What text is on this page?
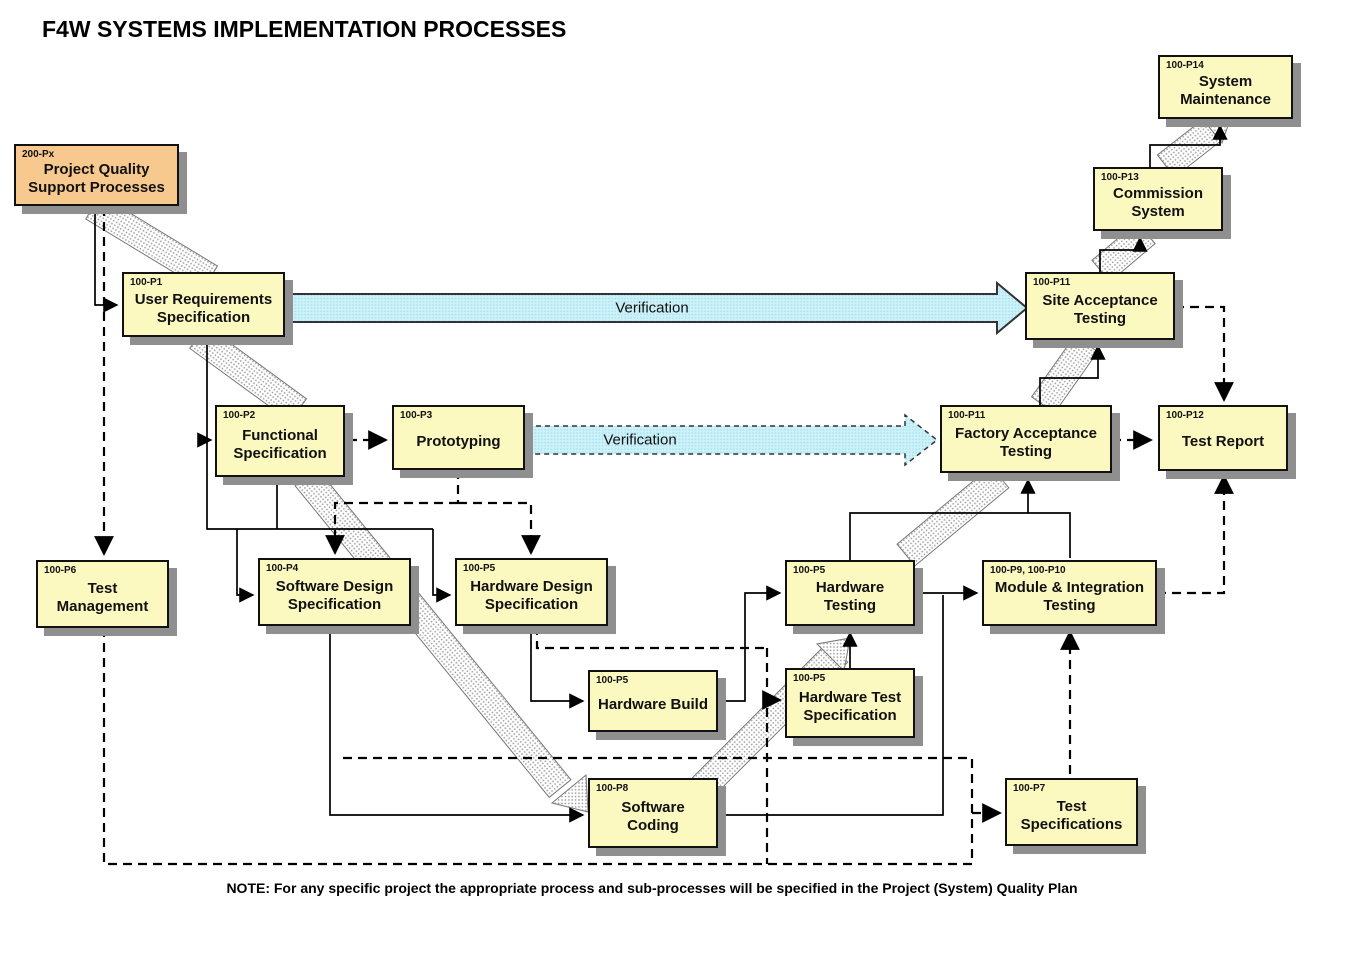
F4W SYSTEMS IMPLEMENTATION PROCESSES
200-Px
Project Quality Support Processes
100-P1
User Requirements Specification
100-P2
Functional Specification
100-P3
Prototyping
100-P6
Test Management
100-P4
Software Design Specification
100-P5
Hardware Design Specification
100-P5
Hardware Build
100-P8
Software Coding
100-P5
Hardware Test Specification
100-P5
Hardware Testing
100-P9, 100-P10
Module & Integration Testing
100-P11
Factory Acceptance Testing
100-P12
Test Report
100-P11
Site Acceptance Testing
100-P13
Commission System
100-P14
System Maintenance
100-P7
Test Specifications
Verification
Verification
NOTE: For any specific project the appropriate process and sub-processes will be specified in the Project (System) Quality Plan
